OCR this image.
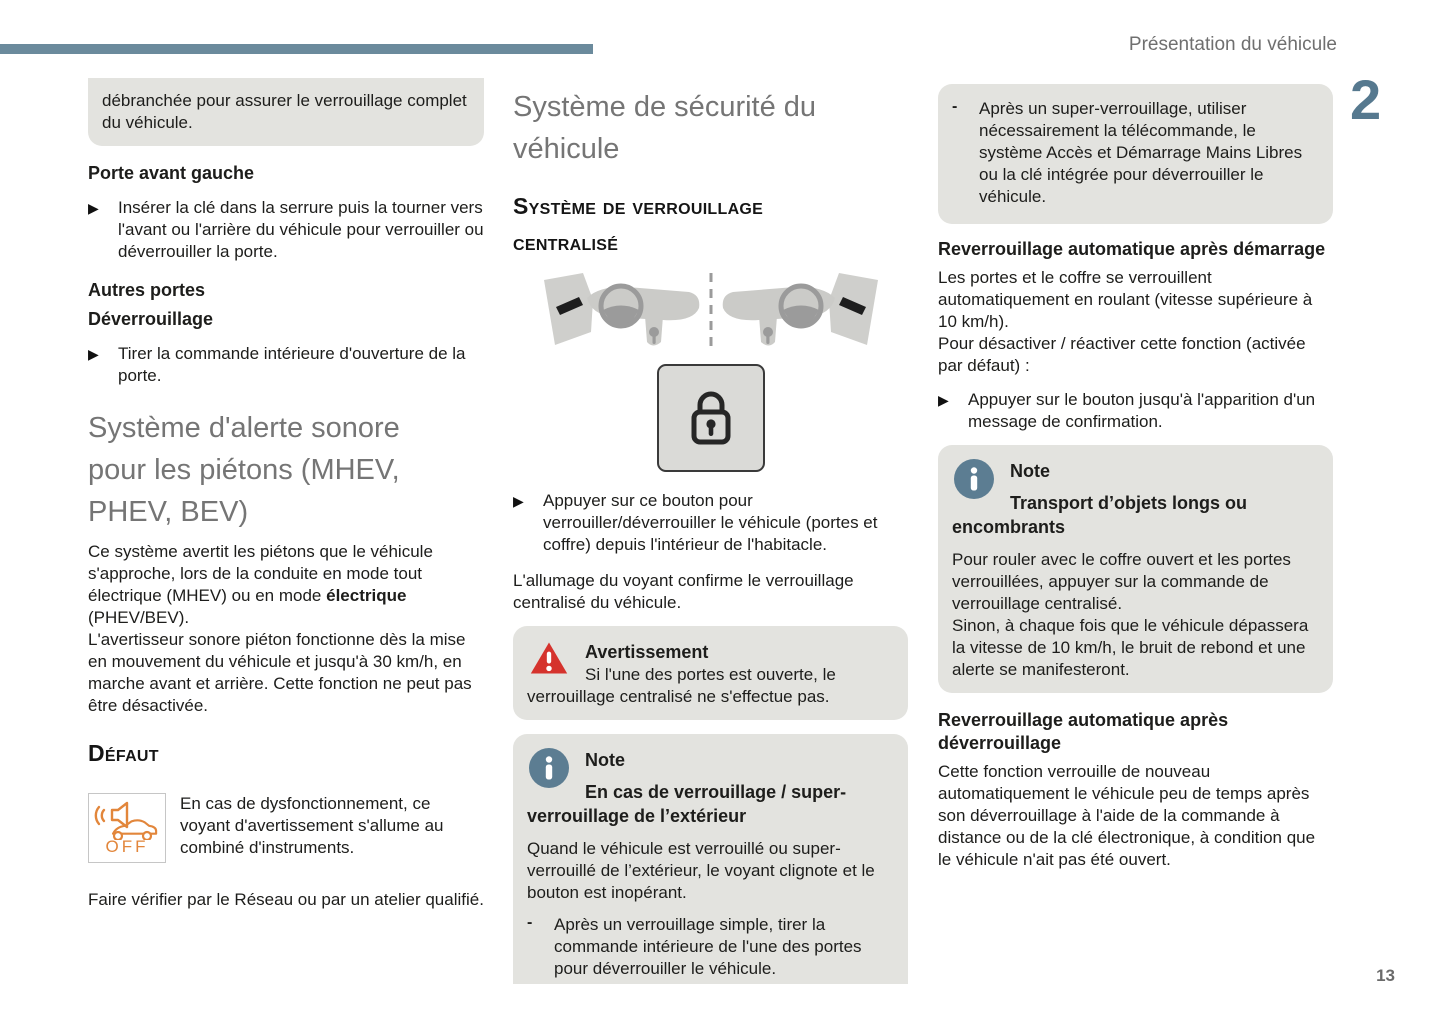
Présentation du véhicule
2
13

débranchée pour assurer le verrouillage complet du véhicule.

Porte avant gauche
▶	Insérer la clé dans la serrure puis la tourner vers l'avant ou l'arrière du véhicule pour verrouiller ou déverrouiller la porte.

Autres portes
Déverrouillage
▶	Tirer la commande intérieure d'ouverture de la porte.

Système d'alerte sonore
pour les piétons (MHEV,
PHEV, BEV)

Ce système avertit les piétons que le véhicule s'approche, lors de la conduite en mode tout électrique (MHEV) ou en mode électrique (PHEV/BEV).

L'avertisseur sonore piéton fonctionne dès la mise en mouvement du véhicule et jusqu'à 30 km/h, en marche avant et arrière. Cette fonction ne peut pas être désactivée.

Défaut
OFF

En cas de dysfonctionnement, ce voyant d'avertissement s'allume au combiné d'instruments.

Faire vérifier par le Réseau ou par un atelier qualifié.

Système de sécurité du
véhicule
Système de verrouillage
centralisé
▶	Appuyer sur ce bouton pour verrouiller/déverrouiller le véhicule (portes et coffre) depuis l'intérieur de l'habitacle.

L'allumage du voyant confirme le verrouillage centralisé du véhicule.

Avertissement

Si l'une des portes est ouverte, le verrouillage centralisé ne s'effectue pas.

Note
En cas de verrouillage / super-verrouillage de l’extérieur

Quand le véhicule est verrouillé ou super-verrouillé de l’extérieur, le voyant clignote et le bouton est inopérant.

-	Après un verrouillage simple, tirer la commande intérieure de l'une des portes pour déverrouiller le véhicule.

-	Après un super-verrouillage, utiliser nécessairement la télécommande, le système Accès et Démarrage Mains Libres ou la clé intégrée pour déverrouiller le véhicule.

Reverrouillage automatique après démarrage

Les portes et le coffre se verrouillent automatiquement en roulant (vitesse supérieure à 10 km/h).

Pour désactiver / réactiver cette fonction (activée par défaut) :

▶	Appuyer sur le bouton jusqu'à l'apparition d'un message de confirmation.

Note
Transport d’objets longs ou encombrants

Pour rouler avec le coffre ouvert et les portes verrouillées, appuyer sur la commande de verrouillage centralisé.

Sinon, à chaque fois que le véhicule dépassera la vitesse de 10 km/h, le bruit de rebond et une alerte se manifesteront.

Reverrouillage automatique après déverrouillage

Cette fonction verrouille de nouveau automatiquement le véhicule peu de temps après son déverrouillage à l'aide de la commande à distance ou de la clé électronique, à condition que le véhicule n'ait pas été ouvert.
